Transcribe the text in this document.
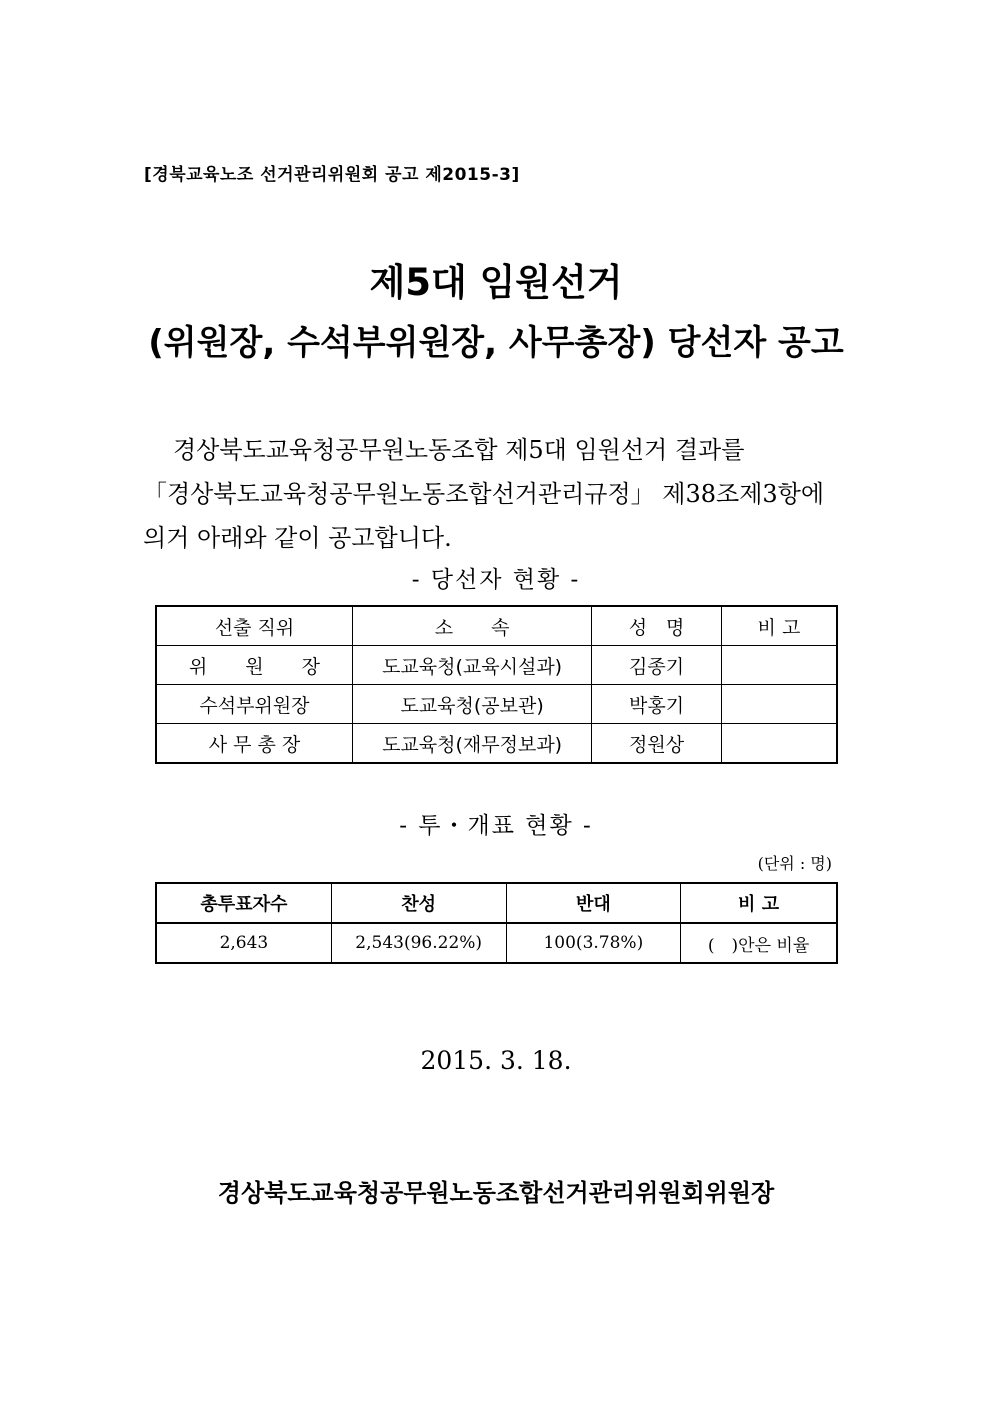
[경북교육노조 선거관리위원회 공고 제2015-3]
제5대 임원선거
(위원장, 수석부위원장, 사무총장) 당선자 공고
경상북도교육청공무원노동조합 제5대 임원선거 결과를
「경상북도교육청공무원노동조합선거관리규정」 제38조제3항에
의거 아래와 같이 공고합니다.
- 당선자 현황 -
선출 직위	소　　속	성　명	비 고
위　　원　　장	도교육청(교육시설과)	김종기	
수석부위원장	도교육청(공보관)	박홍기	
사 무 총 장	도교육청(재무정보과)	정원상	
- 투・개표 현황 -
(단위 : 명)
총투표자수	찬성	반대	비 고
2,643	2,543(96.22%)	100(3.78%)	(　)안은 비율
2015. 3. 18.
경상북도교육청공무원노동조합선거관리위원회위원장
